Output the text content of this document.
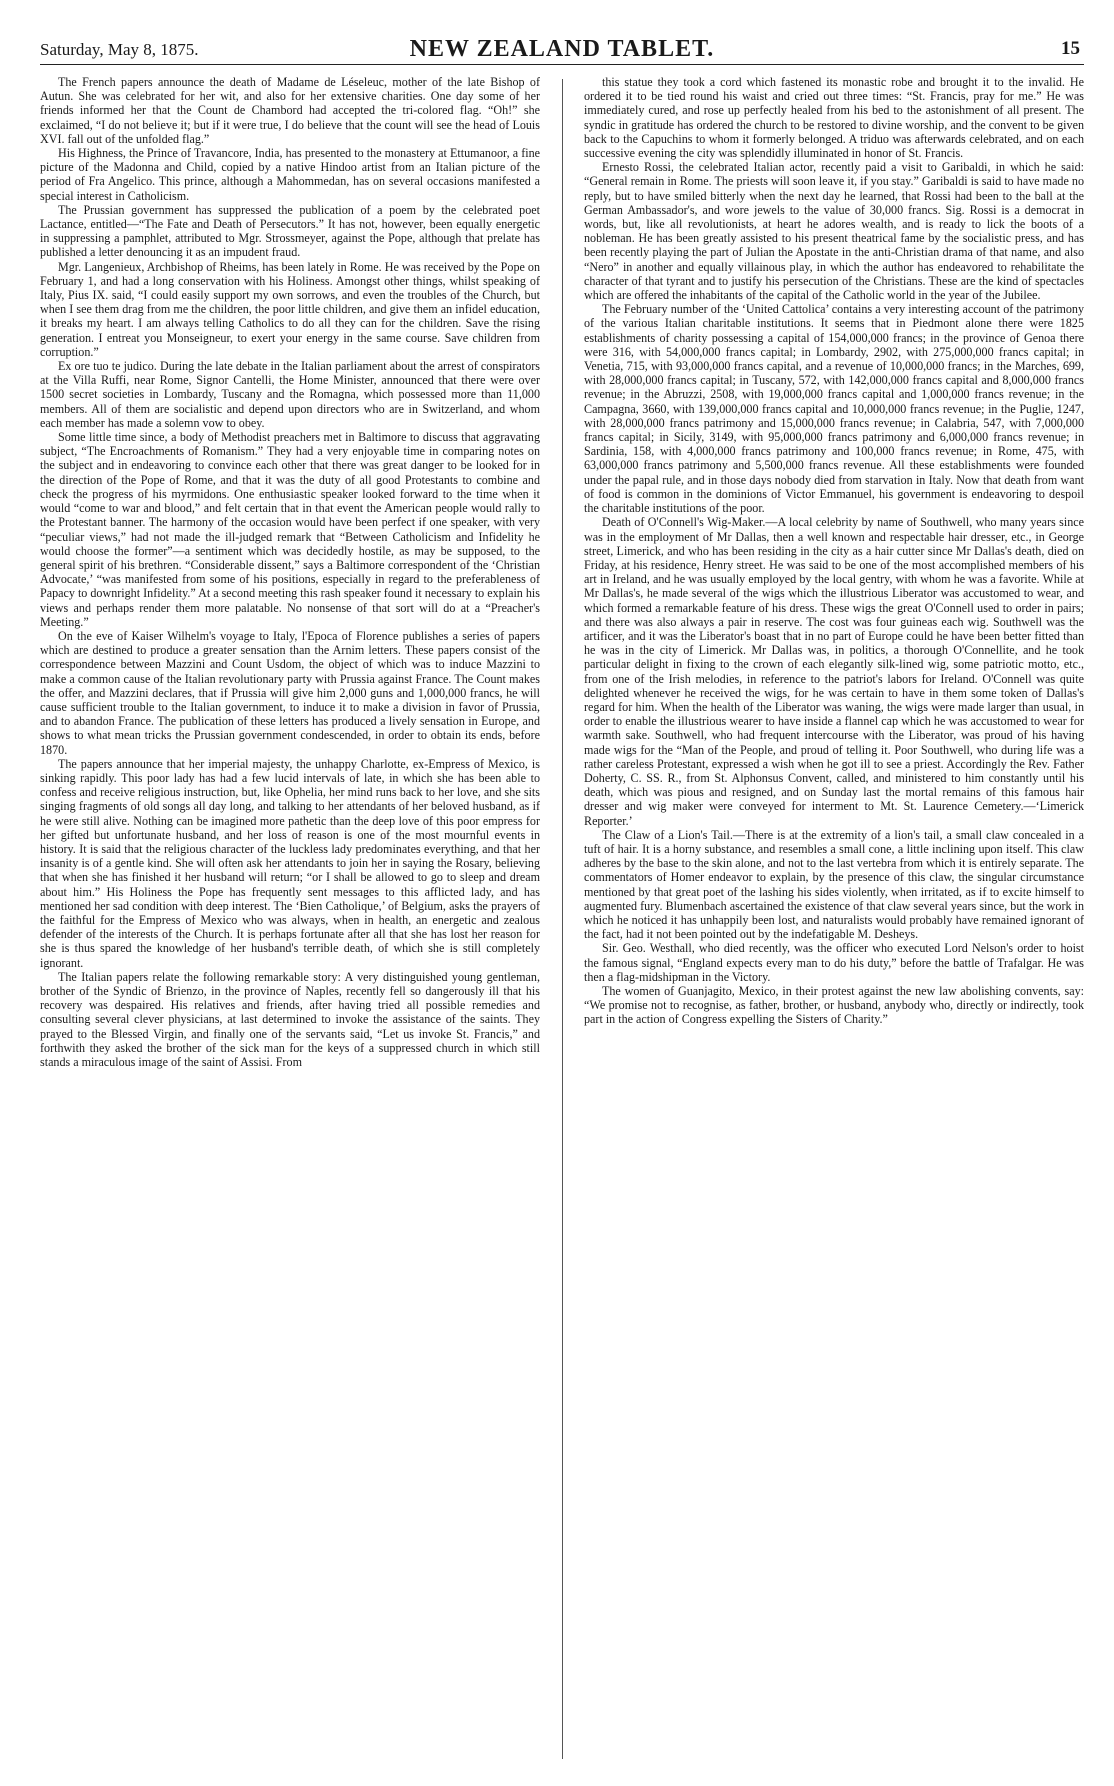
Saturday, May 8, 1875.	NEW ZEALAND TABLET.	15

The French papers announce the death of Madame de Léseleuc, mother of the late Bishop of Autun. She was celebrated for her wit, and also for her extensive charities. One day some of her friends informed her that the Count de Chambord had accepted the tri-colored flag. “Oh!” she exclaimed, “I do not believe it; but if it were true, I do believe that the count will see the head of Louis XVI. fall out of the unfolded flag.”

His Highness, the Prince of Travancore, India, has presented to the monastery at Ettumanoor, a fine picture of the Madonna and Child, copied by a native Hindoo artist from an Italian picture of the period of Fra Angelico. This prince, although a Mahommedan, has on several occasions manifested a special interest in Catholicism.

The Prussian government has suppressed the publication of a poem by the celebrated poet Lactance, entitled—“The Fate and Death of Persecutors.” It has not, however, been equally energetic in suppressing a pamphlet, attributed to Mgr. Strossmeyer, against the Pope, although that prelate has published a letter denouncing it as an impudent fraud.

Mgr. Langenieux, Archbishop of Rheims, has been lately in Rome. He was received by the Pope on February 1, and had a long conservation with his Holiness. Amongst other things, whilst speaking of Italy, Pius IX. said, “I could easily support my own sorrows, and even the troubles of the Church, but when I see them drag from me the children, the poor little children, and give them an infidel education, it breaks my heart. I am always telling Catholics to do all they can for the children. Save the rising generation. I entreat you Monseigneur, to exert your energy in the same course. Save children from corruption.”

Ex ore tuo te judico. During the late debate in the Italian parliament about the arrest of conspirators at the Villa Ruffi, near Rome, Signor Cantelli, the Home Minister, announced that there were over 1500 secret societies in Lombardy, Tuscany and the Romagna, which possessed more than 11,000 members. All of them are socialistic and depend upon directors who are in Switzerland, and whom each member has made a solemn vow to obey.

Some little time since, a body of Methodist preachers met in Baltimore to discuss that aggravating subject, “The Encroachments of Romanism.” They had a very enjoyable time in comparing notes on the subject and in endeavoring to convince each other that there was great danger to be looked for in the direction of the Pope of Rome, and that it was the duty of all good Protestants to combine and check the progress of his myrmidons. One enthusiastic speaker looked forward to the time when it would “come to war and blood,” and felt certain that in that event the American people would rally to the Protestant banner. The harmony of the occasion would have been perfect if one speaker, with very “peculiar views,” had not made the ill-judged remark that “Between Catholicism and Infidelity he would choose the former”—a sentiment which was decidedly hostile, as may be supposed, to the general spirit of his brethren. “Considerable dissent,” says a Baltimore correspondent of the ‘Christian Advocate,’ “was manifested from some of his positions, especially in regard to the preferableness of Papacy to downright Infidelity.” At a second meeting this rash speaker found it necessary to explain his views and perhaps render them more palatable. No nonsense of that sort will do at a “Preacher's Meeting.”

On the eve of Kaiser Wilhelm's voyage to Italy, l'Epoca of Florence publishes a series of papers which are destined to produce a greater sensation than the Arnim letters. These papers consist of the correspondence between Mazzini and Count Usdom, the object of which was to induce Mazzini to make a common cause of the Italian revolutionary party with Prussia against France. The Count makes the offer, and Mazzini declares, that if Prussia will give him 2,000 guns and 1,000,000 francs, he will cause sufficient trouble to the Italian government, to induce it to make a division in favor of Prussia, and to abandon France. The publication of these letters has produced a lively sensation in Europe, and shows to what mean tricks the Prussian government condescended, in order to obtain its ends, before 1870.

The papers announce that her imperial majesty, the unhappy Charlotte, ex-Empress of Mexico, is sinking rapidly. This poor lady has had a few lucid intervals of late, in which she has been able to confess and receive religious instruction, but, like Ophelia, her mind runs back to her love, and she sits singing fragments of old songs all day long, and talking to her attendants of her beloved husband, as if he were still alive. Nothing can be imagined more pathetic than the deep love of this poor empress for her gifted but unfortunate husband, and her loss of reason is one of the most mournful events in history. It is said that the religious character of the luckless lady predominates everything, and that her insanity is of a gentle kind. She will often ask her attendants to join her in saying the Rosary, believing that when she has finished it her husband will return; “or I shall be allowed to go to sleep and dream about him.” His Holiness the Pope has frequently sent messages to this afflicted lady, and has mentioned her sad condition with deep interest. The ‘Bien Catholique,’ of Belgium, asks the prayers of the faithful for the Empress of Mexico who was always, when in health, an energetic and zealous defender of the interests of the Church. It is perhaps fortunate after all that she has lost her reason for she is thus spared the knowledge of her husband's terrible death, of which she is still completely ignorant.

The Italian papers relate the following remarkable story: A very distinguished young gentleman, brother of the Syndic of Brienzo, in the province of Naples, recently fell so dangerously ill that his recovery was despaired. His relatives and friends, after having tried all possible remedies and consulting several clever physicians, at last determined to invoke the assistance of the saints. They prayed to the Blessed Virgin, and finally one of the servants said, “Let us invoke St. Francis,” and forthwith they asked the brother of the sick man for the keys of a suppressed church in which still stands a miraculous image of the saint of Assisi. From

this statue they took a cord which fastened its monastic robe and brought it to the invalid. He ordered it to be tied round his waist and cried out three times: “St. Francis, pray for me.” He was immediately cured, and rose up perfectly healed from his bed to the astonishment of all present. The syndic in gratitude has ordered the church to be restored to divine worship, and the convent to be given back to the Capuchins to whom it formerly belonged. A triduo was afterwards celebrated, and on each successive evening the city was splendidly illuminated in honor of St. Francis.

Ernesto Rossi, the celebrated Italian actor, recently paid a visit to Garibaldi, in which he said: “General remain in Rome. The priests will soon leave it, if you stay.” Garibaldi is said to have made no reply, but to have smiled bitterly when the next day he learned, that Rossi had been to the ball at the German Ambassador's, and wore jewels to the value of 30,000 francs. Sig. Rossi is a democrat in words, but, like all revolutionists, at heart he adores wealth, and is ready to lick the boots of a nobleman. He has been greatly assisted to his present theatrical fame by the socialistic press, and has been recently playing the part of Julian the Apostate in the anti-Christian drama of that name, and also “Nero” in another and equally villainous play, in which the author has endeavored to rehabilitate the character of that tyrant and to justify his persecution of the Christians. These are the kind of spectacles which are offered the inhabitants of the capital of the Catholic world in the year of the Jubilee.

The February number of the ‘United Cattolica’ contains a very interesting account of the patrimony of the various Italian charitable institutions. It seems that in Piedmont alone there were 1825 establishments of charity possessing a capital of 154,000,000 francs; in the province of Genoa there were 316, with 54,000,000 francs capital; in Lombardy, 2902, with 275,000,000 francs capital; in Venetia, 715, with 93,000,000 francs capital, and a revenue of 10,000,000 francs; in the Marches, 699, with 28,000,000 francs capital; in Tuscany, 572, with 142,000,000 francs capital and 8,000,000 francs revenue; in the Abruzzi, 2508, with 19,000,000 francs capital and 1,000,000 francs revenue; in the Campagna, 3660, with 139,000,000 francs capital and 10,000,000 francs revenue; in the Puglie, 1247, with 28,000,000 francs patrimony and 15,000,000 francs revenue; in Calabria, 547, with 7,000,000 francs capital; in Sicily, 3149, with 95,000,000 francs patrimony and 6,000,000 francs revenue; in Sardinia, 158, with 4,000,000 francs patrimony and 100,000 francs revenue; in Rome, 475, with 63,000,000 francs patrimony and 5,500,000 francs revenue. All these establishments were founded under the papal rule, and in those days nobody died from starvation in Italy. Now that death from want of food is common in the dominions of Victor Emmanuel, his government is endeavoring to despoil the charitable institutions of the poor.

Death of O'Connell's Wig-Maker.—A local celebrity by name of Southwell, who many years since was in the employment of Mr Dallas, then a well known and respectable hair dresser, etc., in George street, Limerick, and who has been residing in the city as a hair cutter since Mr Dallas's death, died on Friday, at his residence, Henry street. He was said to be one of the most accomplished members of his art in Ireland, and he was usually employed by the local gentry, with whom he was a favorite. While at Mr Dallas's, he made several of the wigs which the illustrious Liberator was accustomed to wear, and which formed a remarkable feature of his dress. These wigs the great O'Connell used to order in pairs; and there was also always a pair in reserve. The cost was four guineas each wig. Southwell was the artificer, and it was the Liberator's boast that in no part of Europe could he have been better fitted than he was in the city of Limerick. Mr Dallas was, in politics, a thorough O'Connellite, and he took particular delight in fixing to the crown of each elegantly silk-lined wig, some patriotic motto, etc., from one of the Irish melodies, in reference to the patriot's labors for Ireland. O'Connell was quite delighted whenever he received the wigs, for he was certain to have in them some token of Dallas's regard for him. When the health of the Liberator was waning, the wigs were made larger than usual, in order to enable the illustrious wearer to have inside a flannel cap which he was accustomed to wear for warmth sake. Southwell, who had frequent intercourse with the Liberator, was proud of his having made wigs for the “Man of the People, and proud of telling it. Poor Southwell, who during life was a rather careless Protestant, expressed a wish when he got ill to see a priest. Accordingly the Rev. Father Doherty, C. SS. R., from St. Alphonsus Convent, called, and ministered to him constantly until his death, which was pious and resigned, and on Sunday last the mortal remains of this famous hair dresser and wig maker were conveyed for interment to Mt. St. Laurence Cemetery.—‘Limerick Reporter.’

The Claw of a Lion's Tail.—There is at the extremity of a lion's tail, a small claw concealed in a tuft of hair. It is a horny substance, and resembles a small cone, a little inclining upon itself. This claw adheres by the base to the skin alone, and not to the last vertebra from which it is entirely separate. The commentators of Homer endeavor to explain, by the presence of this claw, the singular circumstance mentioned by that great poet of the lashing his sides violently, when irritated, as if to excite himself to augmented fury. Blumenbach ascertained the existence of that claw several years since, but the work in which he noticed it has unhappily been lost, and naturalists would probably have remained ignorant of the fact, had it not been pointed out by the indefatigable M. Desheys.

Sir. Geo. Westhall, who died recently, was the officer who executed Lord Nelson's order to hoist the famous signal, “England expects every man to do his duty,” before the battle of Trafalgar. He was then a flag-midshipman in the Victory.

The women of Guanjagito, Mexico, in their protest against the new law abolishing convents, say: “We promise not to recognise, as father, brother, or husband, anybody who, directly or indirectly, took part in the action of Congress expelling the Sisters of Charity.”
